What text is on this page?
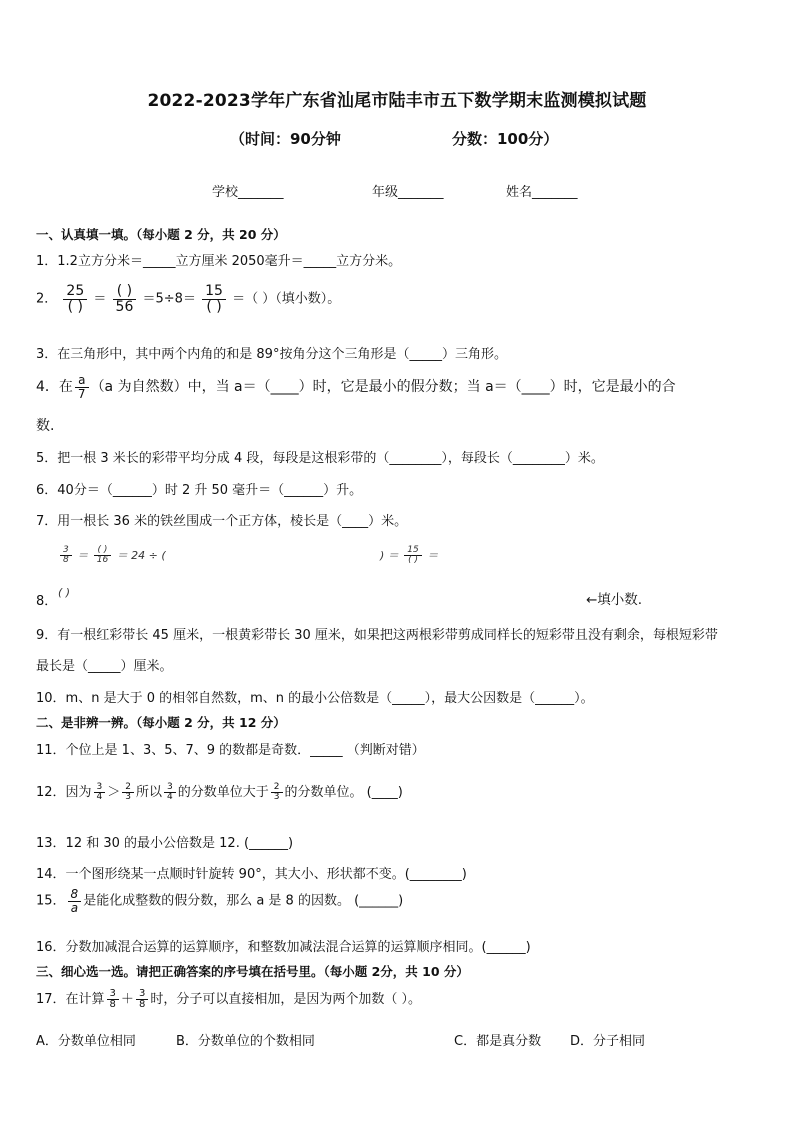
2022-2023学年广东省汕尾市陆丰市五下数学期末监测模拟试题
（时间：90分钟	分数：100分）
学校_______	年级_______	姓名_______
一、认真填一填。（每小题 2 分，共 20 分）
1．1.2立方分米＝_____立方厘米 2050毫升＝_____立方分米。
2． $\frac{25}{( )} = \frac{( )}{56} =5\div 8= \frac{15}{( )}$ ＝（ ）（填小数）。
3．在三角形中，其中两个内角的和是 89°按角分这个三角形是（_____）三角形。
4．在 $\frac{a}{7} (a$ 为自然数）中，当 a＝（____）时，它是最小的假分数；当 a＝（____）时，它是最小的合
数.
5．把一根 3 米长的彩带平均分成 4 段，每段是这根彩带的（________），每段长（________）米。
6．40分＝（______）时 2 升 50 毫升＝（______）升。
7．用一根长 36 米的铁丝围成一个正方体，棱长是（____）米。
$\frac{3}{8} = \frac{( )}{16} = 24$ ÷ (	) ＝ $\frac{15}{( )}$ ＝
8．
( )	←填小数.
9．有一根红彩带长 45 厘米，一根黄彩带长 30 厘米，如果把这两根彩带剪成同样长的短彩带且没有剩余，每根短彩带
最长是（_____）厘米。
10．m、n 是大于 0 的相邻自然数，m、n 的最小公倍数是（_____），最大公因数是（______）。
二、是非辨一辨。（每小题 2 分，共 12 分）
11．个位上是 1、3、5、7、9 的数都是奇数．_____ （判断对错）
12．因为 $\frac{3}{4} > \frac{2}{3}$ 所以 $\frac{3}{4}$ 的分数单位大于 $\frac{2}{3}$ 的分数单位。 (____)
13．12 和 30 的最小公倍数是 12. (______)
14．一个图形绕某一点顺时针旋转 90°，其大小、形状都不变。(________)
15． $\frac{8}{a}$ 是能化成整数的假分数，那么 a 是 8 的因数。 (______)
16．分数加减混合运算的运算顺序，和整数加减法混合运算的运算顺序相同。(______)
三、细心选一选。请把正确答案的序号填在括号里。（每小题 2分，共 10 分）
17．在计算 $\frac{3}{8} + \frac{3}{8}$ 时，分子可以直接相加，是因为两个加数（ ）。
A．分数单位相同	B．分数单位的个数相同	C．都是真分数 D．分子相同
